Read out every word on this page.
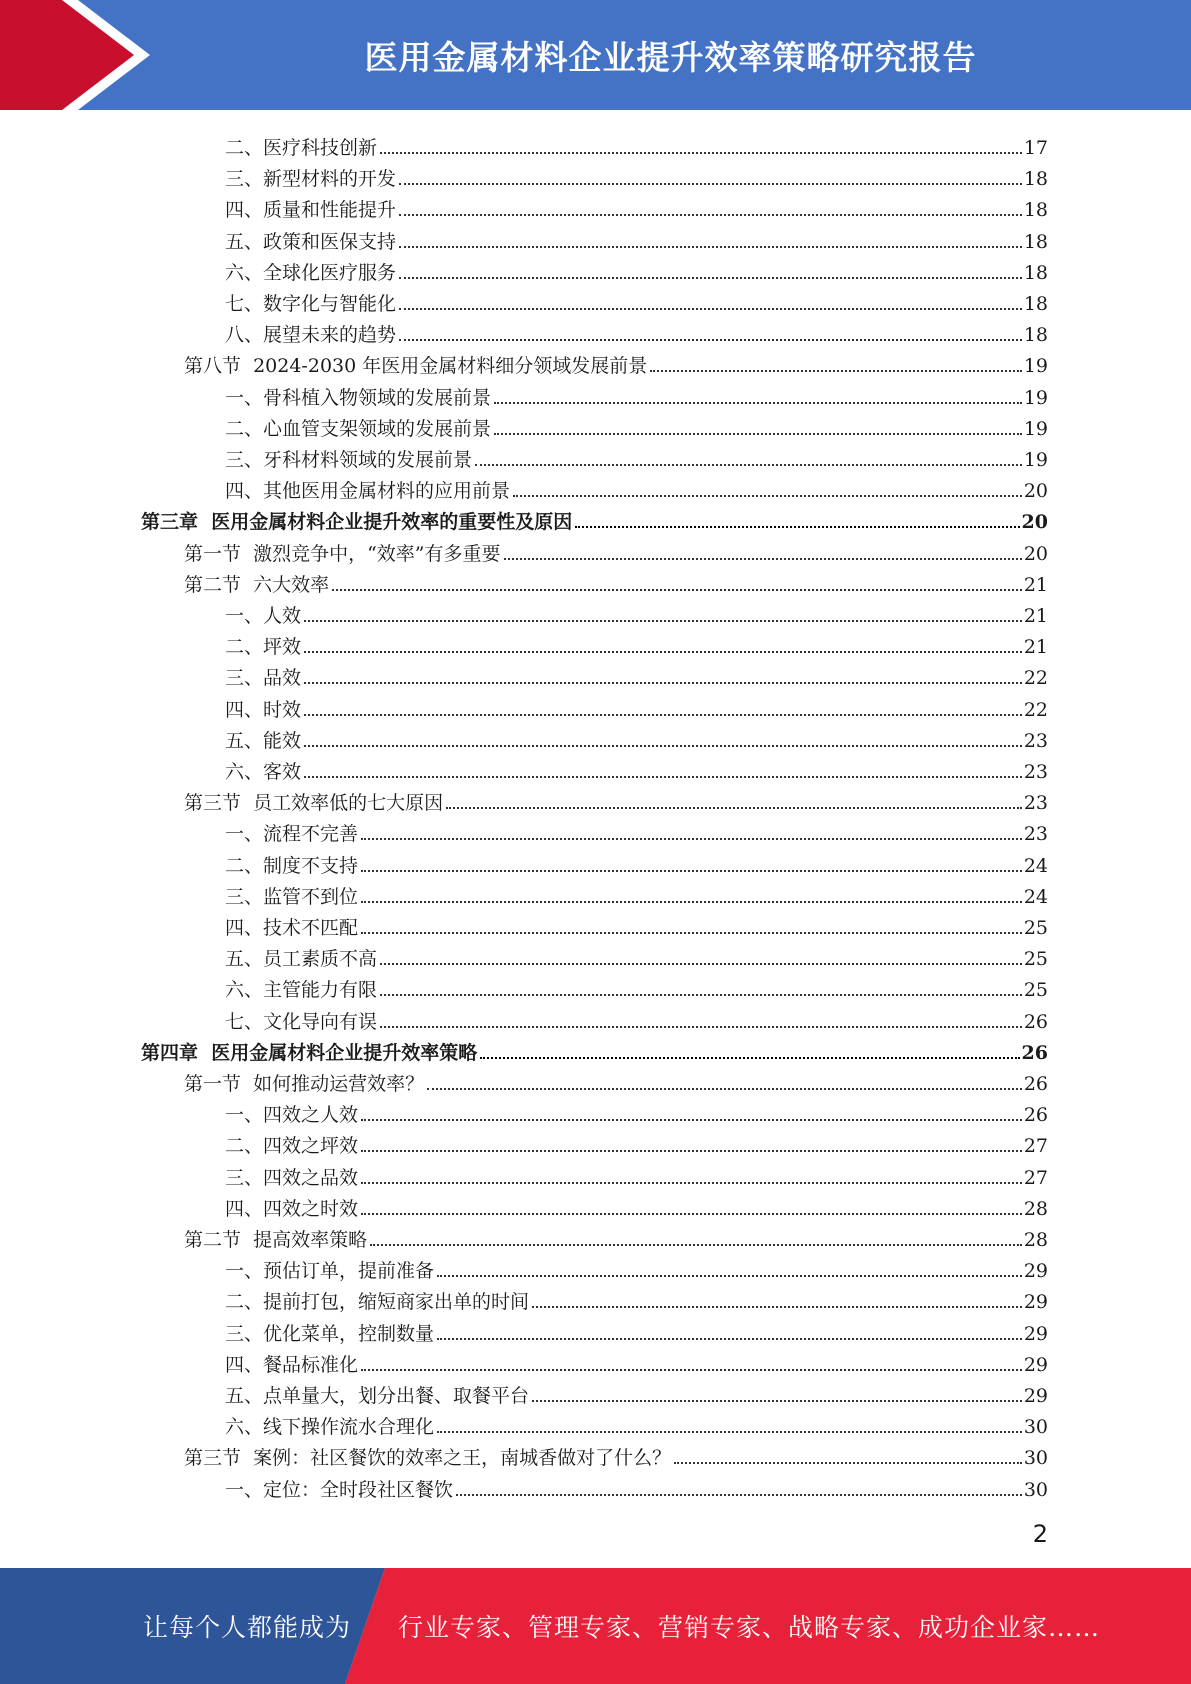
医用金属材料企业提升效率策略研究报告
二、医疗科技创新	17
三、新型材料的开发	18
四、质量和性能提升	18
五、政策和医保支持	18
六、全球化医疗服务	18
七、数字化与智能化	18
八、展望未来的趋势	18
第八节  2024-2030 年医用金属材料细分领域发展前景	19
一、骨科植入物领域的发展前景	19
二、心血管支架领域的发展前景	19
三、牙科材料领域的发展前景	19
四、其他医用金属材料的应用前景	20
第三章  医用金属材料企业提升效率的重要性及原因	20
第一节  激烈竞争中，“效率”有多重要	20
第二节  六大效率	21
一、人效	21
二、坪效	21
三、品效	22
四、时效	22
五、能效	23
六、客效	23
第三节  员工效率低的七大原因	23
一、流程不完善	23
二、制度不支持	24
三、监管不到位	24
四、技术不匹配	25
五、员工素质不高	25
六、主管能力有限	25
七、文化导向有误	26
第四章  医用金属材料企业提升效率策略	26
第一节  如何推动运营效率？	26
一、四效之人效	26
二、四效之坪效	27
三、四效之品效	27
四、四效之时效	28
第二节  提高效率策略	28
一、预估订单，提前准备	29
二、提前打包，缩短商家出单的时间	29
三、优化菜单，控制数量	29
四、餐品标准化	29
五、点单量大，划分出餐、取餐平台	29
六、线下操作流水合理化	30
第三节  案例：社区餐饮的效率之王，南城香做对了什么？	30
一、定位：全时段社区餐饮	30
2
让每个人都能成为 行业专家、管理专家、营销专家、战略专家、成功企业家……
